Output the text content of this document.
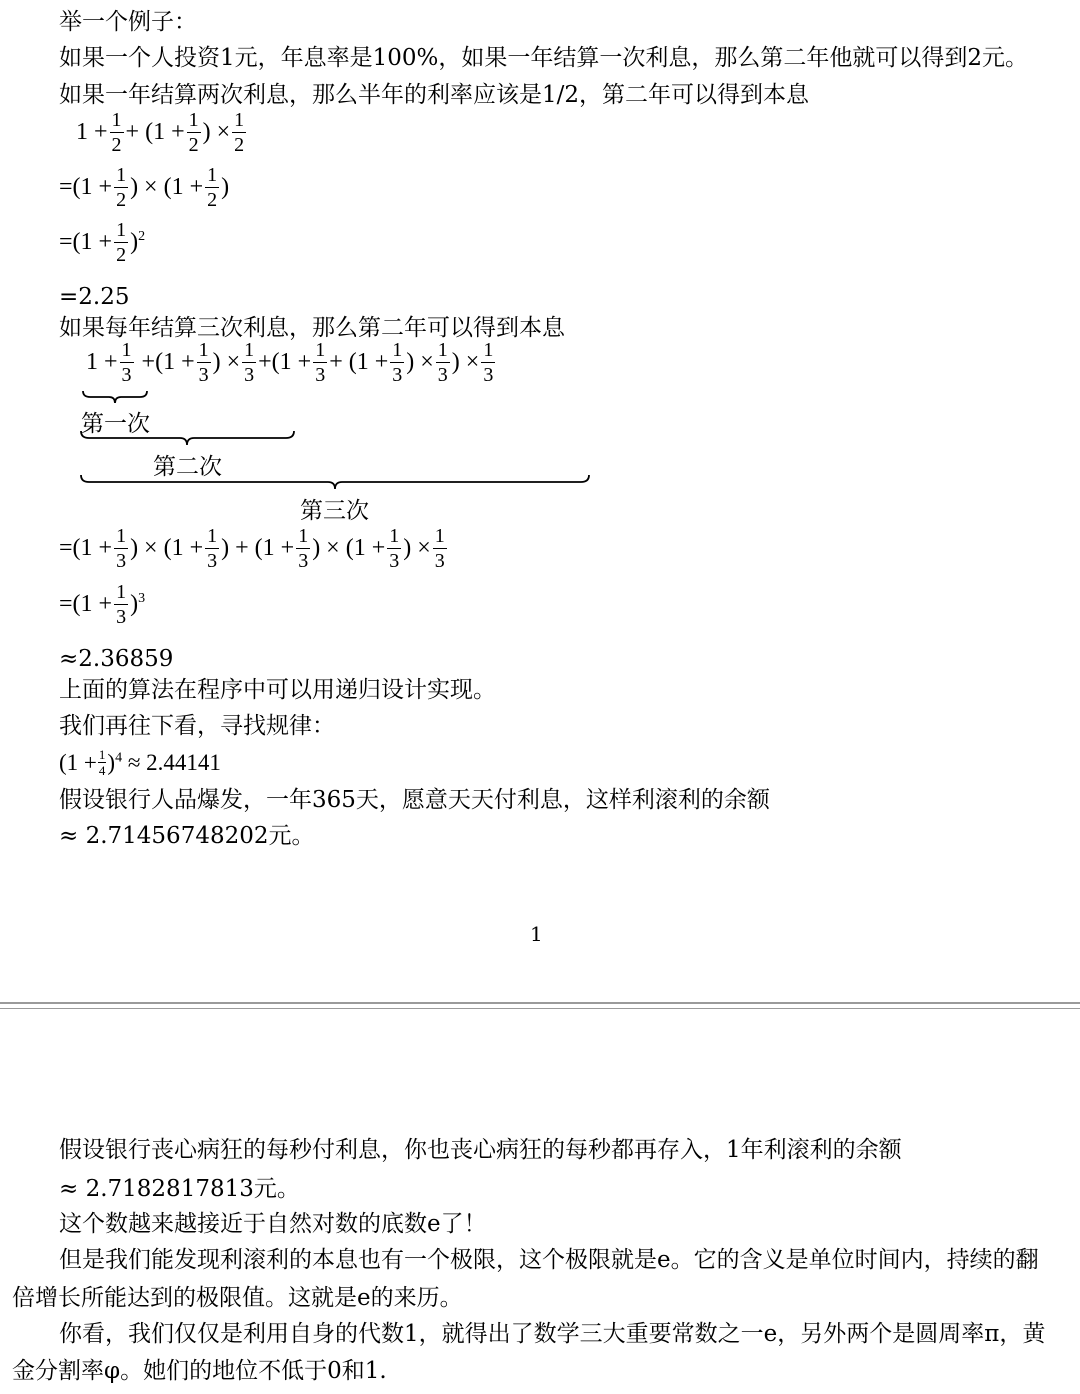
举一个例子：
如果一个人投资1元，年息率是100%，如果一年结算一次利息，那么第二年他就可以得到2元。
如果一年结算两次利息，那么半年的利率应该是1/2，第二年可以得到本息
$1 + \frac{1}{2} + (1 + \frac{1}{2}$ ) × $\frac{1}{2}$
$=(1 + \frac{1}{2}$ ) × ($1 + \frac{1}{2}$ )
$=(1 + \frac{1}{2} )^2$
=2.25
如果每年结算三次利息，那么第二年可以得到本息
$1 + \frac{1}{3} +(1 + \frac{1}{3}$ ) × $\frac{1}{3} +(1 + \frac{1}{3} + (1 + \frac{1}{3}$ ) × $\frac{1}{3}$ ) × $\frac{1}{3}$
第一次
第二次
第三次
$=(1 + \frac{1}{3}$ ) × ($1 + \frac{1}{3}$ ) + ($1 + \frac{1}{3}$ ) × ($1 + \frac{1}{3}$ ) × $\frac{1}{3}$
$=(1 + \frac{1}{3} )^3$
≈2.36859
上面的算法在程序中可以用递归设计实现。
我们再往下看，寻找规律：
$(1 + \frac{1}{4} )^4 \approx 2.44141$
假设银行人品爆发，一年365天，愿意天天付利息，这样利滚利的余额
≈ 2.71456748202元。
1
假设银行丧心病狂的每秒付利息，你也丧心病狂的每秒都再存入，1年利滚利的余额
≈ 2.7182817813元。
这个数越来越接近于自然对数的底数e了！
但是我们能发现利滚利的本息也有一个极限，这个极限就是e。它的含义是单位时间内，持续的翻
倍增长所能达到的极限值。这就是e的来历。
你看，我们仅仅是利用自身的代数1，就得出了数学三大重要常数之一e，另外两个是圆周率π，黄
金分割率φ。她们的地位不低于0和1.
